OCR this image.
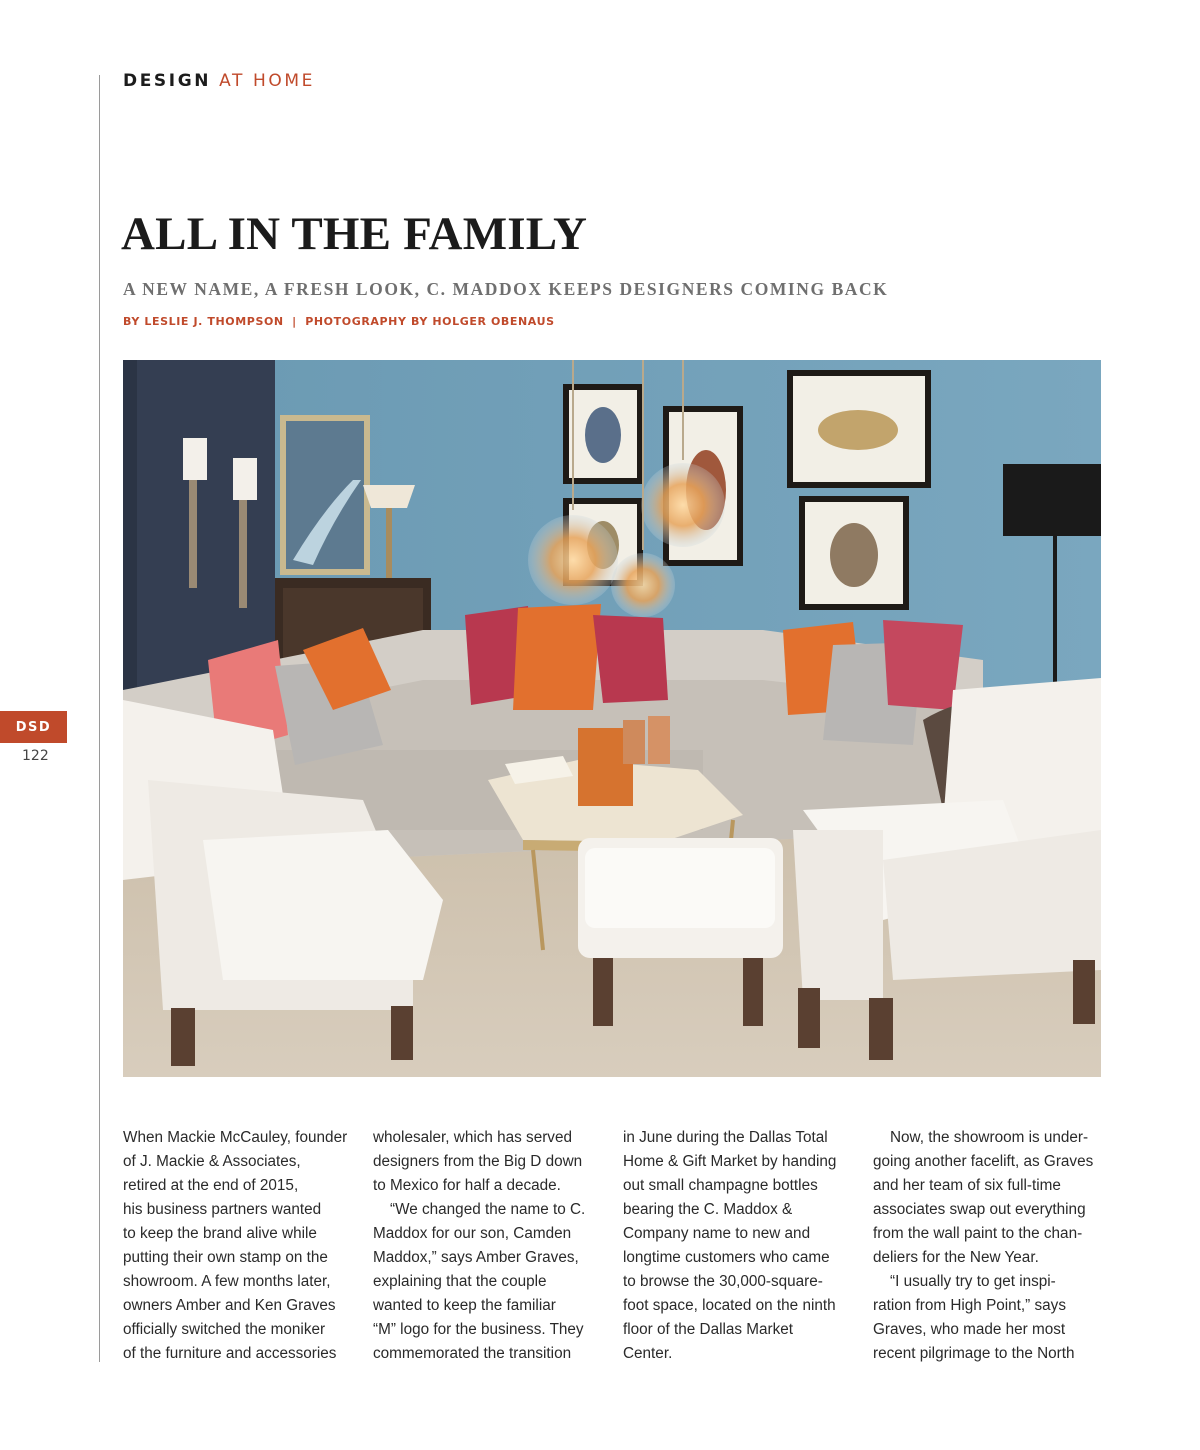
DESIGN AT HOME
ALL IN THE FAMILY
A NEW NAME, A FRESH LOOK, C. MADDOX KEEPS DESIGNERS COMING BACK
BY LESLIE J. THOMPSON | PHOTOGRAPHY BY HOLGER OBENAUS
DSD
122
When Mackie McCauley, founder
of J. Mackie & Associates,
retired at the end of 2015,
his business partners wanted
to keep the brand alive while
putting their own stamp on the
showroom. A few months later,
owners Amber and Ken Graves
officially switched the moniker
of the furniture and accessories
wholesaler, which has served
designers from the Big D down
to Mexico for half a decade.
“We changed the name to C.
Maddox for our son, Camden
Maddox,” says Amber Graves,
explaining that the couple
wanted to keep the familiar
“M” logo for the business. They
commemorated the transition
in June during the Dallas Total
Home & Gift Market by handing
out small champagne bottles
bearing the C. Maddox &
Company name to new and
longtime customers who came
to browse the 30,000-square-
foot space, located on the ninth
floor of the Dallas Market
Center.
Now, the showroom is under-
going another facelift, as Graves
and her team of six full-time
associates swap out everything
from the wall paint to the chan-
deliers for the New Year.
“I usually try to get inspi-
ration from High Point,” says
Graves, who made her most
recent pilgrimage to the North
